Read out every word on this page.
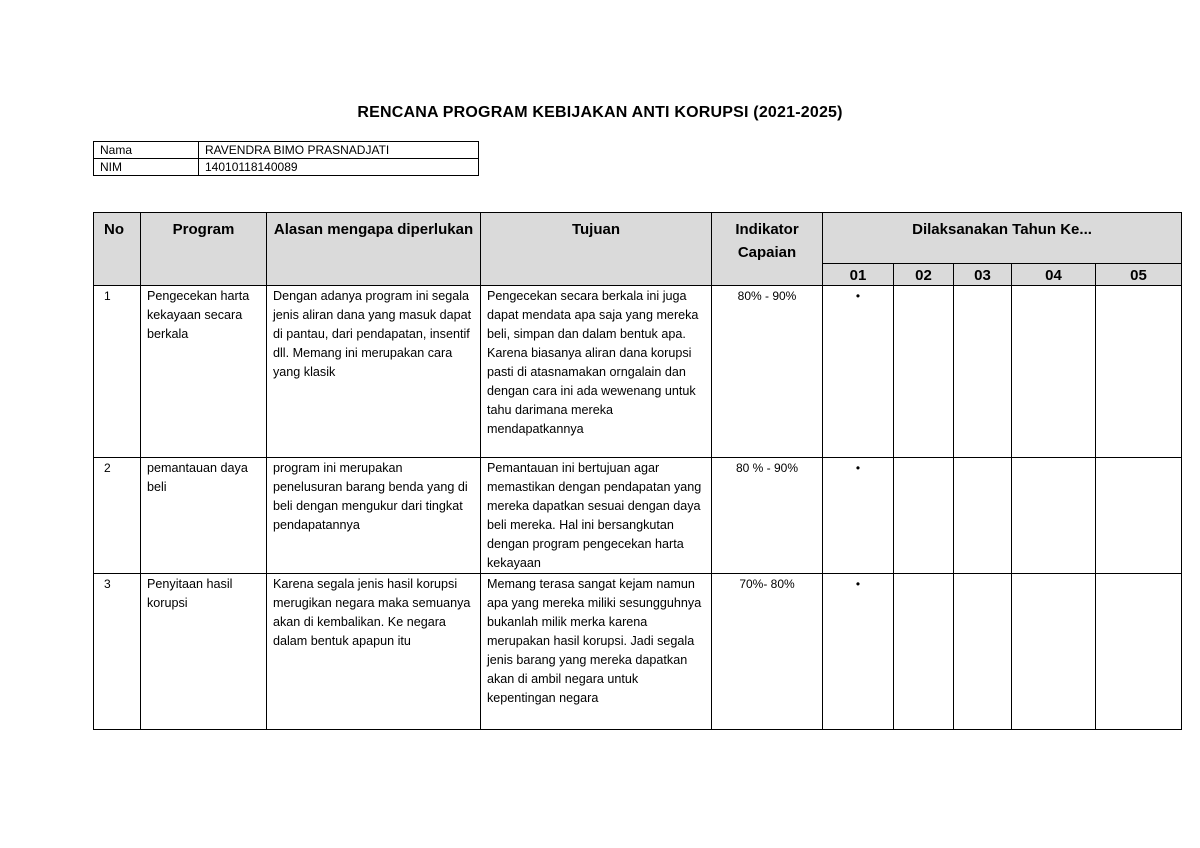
RENCANA PROGRAM KEBIJAKAN ANTI KORUPSI (2021-2025)
Nama	RAVENDRA BIMO PRASNADJATI
NIM	14010118140089
No	Program	Alasan mengapa diperlukan	Tujuan	Indikator Capaian	Dilaksanakan Tahun Ke...				
					01	02	03	04	05
1	Pengecekan harta kekayaan secara berkala	Dengan adanya program ini segala jenis aliran dana yang masuk dapat di pantau, dari pendapatan, insentif dll. Memang ini merupakan cara yang klasik	Pengecekan secara berkala ini juga dapat mendata apa saja yang mereka beli, simpan dan dalam bentuk apa. Karena biasanya aliran dana korupsi pasti di atasnamakan orngalain dan dengan cara ini ada wewenang untuk tahu darimana mereka mendapatkannya	80% - 90%	•				
2	pemantauan daya beli	program ini merupakan penelusuran barang benda yang di beli dengan mengukur dari tingkat pendapatannya	Pemantauan ini bertujuan agar memastikan dengan pendapatan yang mereka dapatkan sesuai dengan daya beli mereka. Hal ini bersangkutan dengan program pengecekan harta kekayaan	80 % - 90%	•				
3	Penyitaan hasil korupsi	Karena segala jenis hasil korupsi merugikan negara maka semuanya akan di kembalikan. Ke negara dalam bentuk apapun itu	Memang terasa sangat kejam namun apa yang mereka miliki sesungguhnya bukanlah milik merka karena merupakan hasil korupsi. Jadi segala jenis barang yang mereka dapatkan akan di ambil negara untuk kepentingan negara	70%- 80%	•				
